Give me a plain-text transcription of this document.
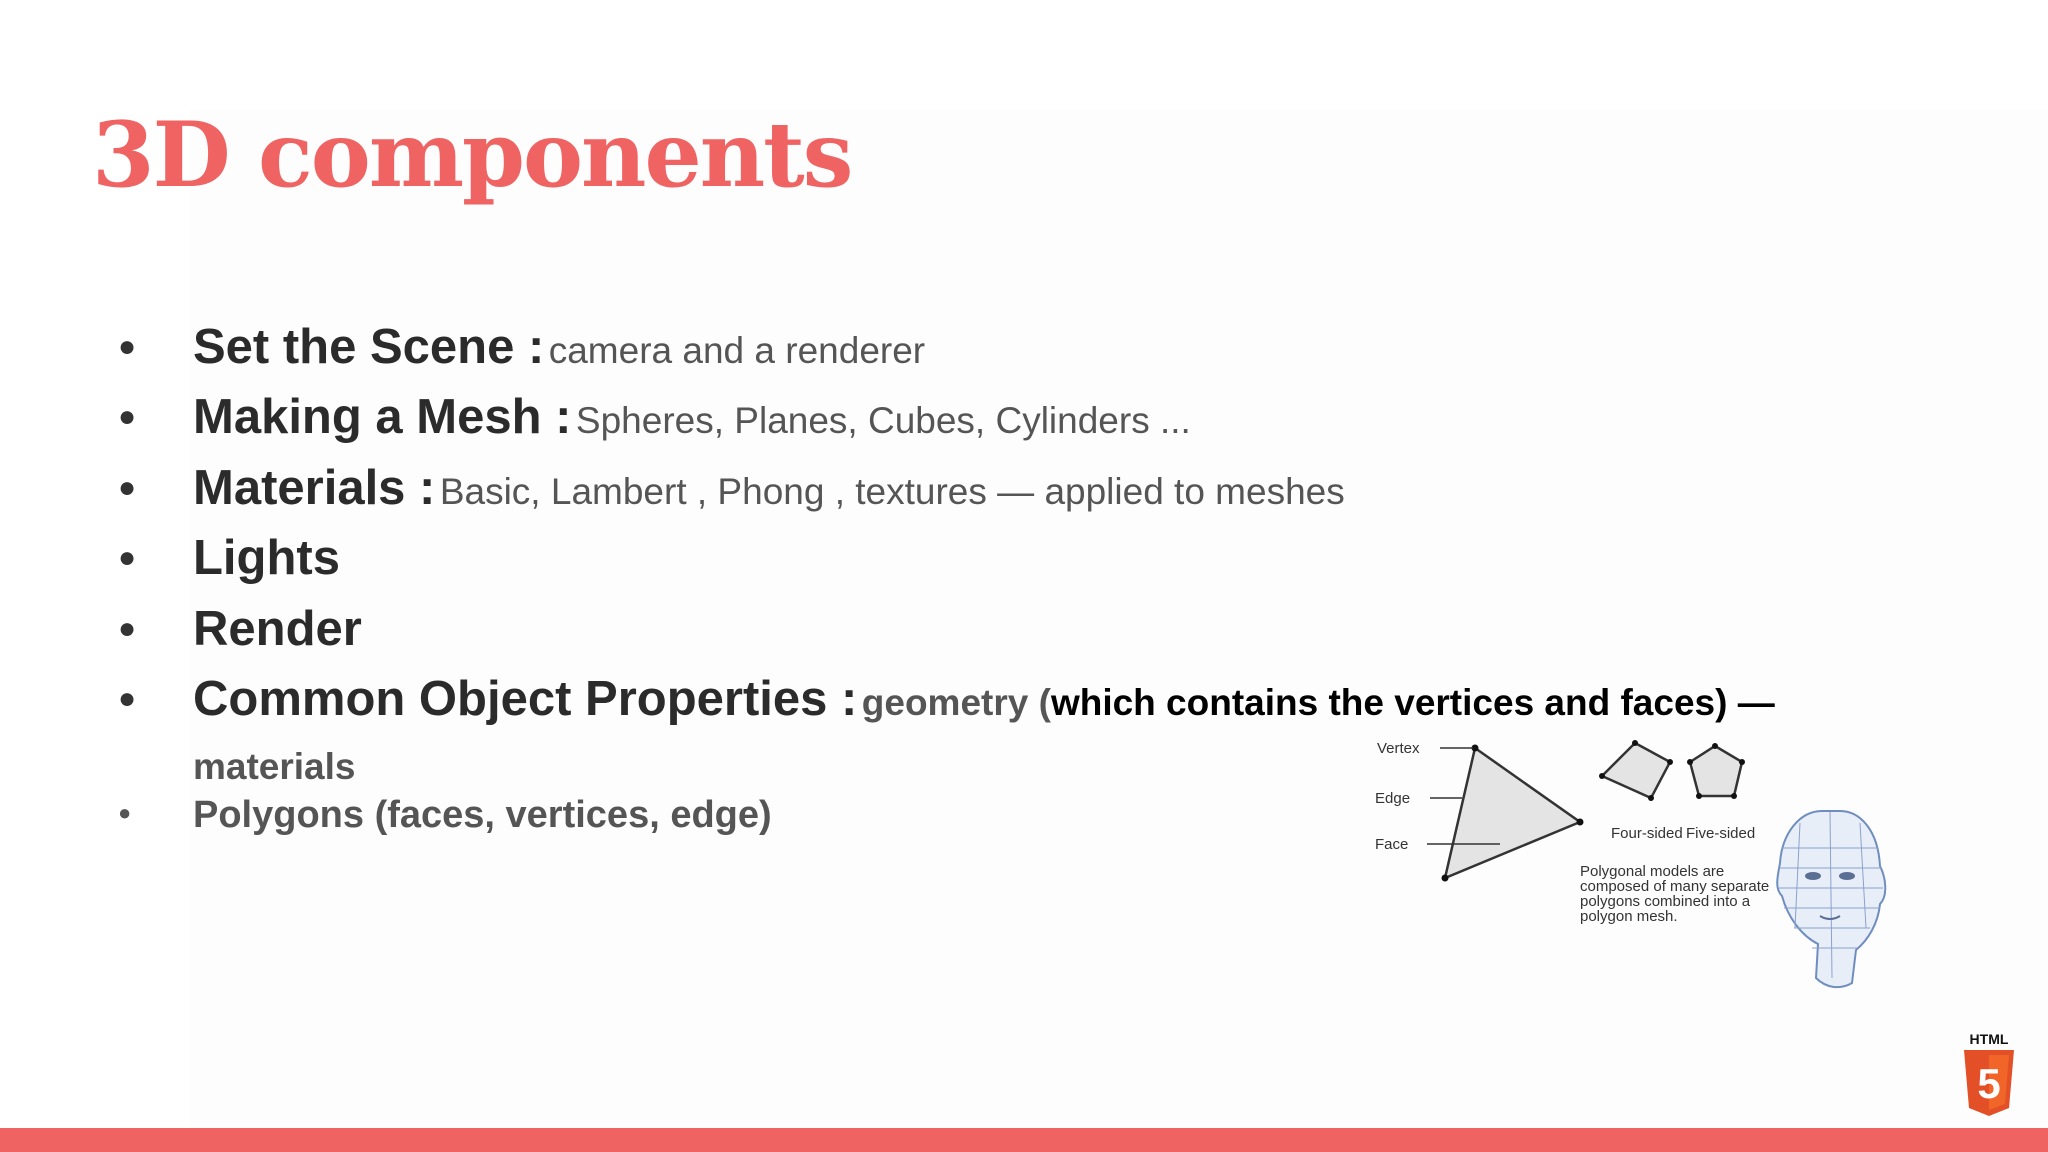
3D components
●	Set the Scene : camera and a renderer
●	Making a Mesh : Spheres, Planes, Cubes, Cylinders ...
●	Materials : Basic, Lambert , Phong , textures — applied to meshes
●	Lights
●	Render
●	Common Object Properties : geometry (which contains the vertices and faces) —
materials
●	Polygons (faces, vertices, edge)
Vertex
Edge
Face
Four-sided Five-sided
Polygonal models are
composed of many separate
polygons combined into a
polygon mesh.
HTML
5
